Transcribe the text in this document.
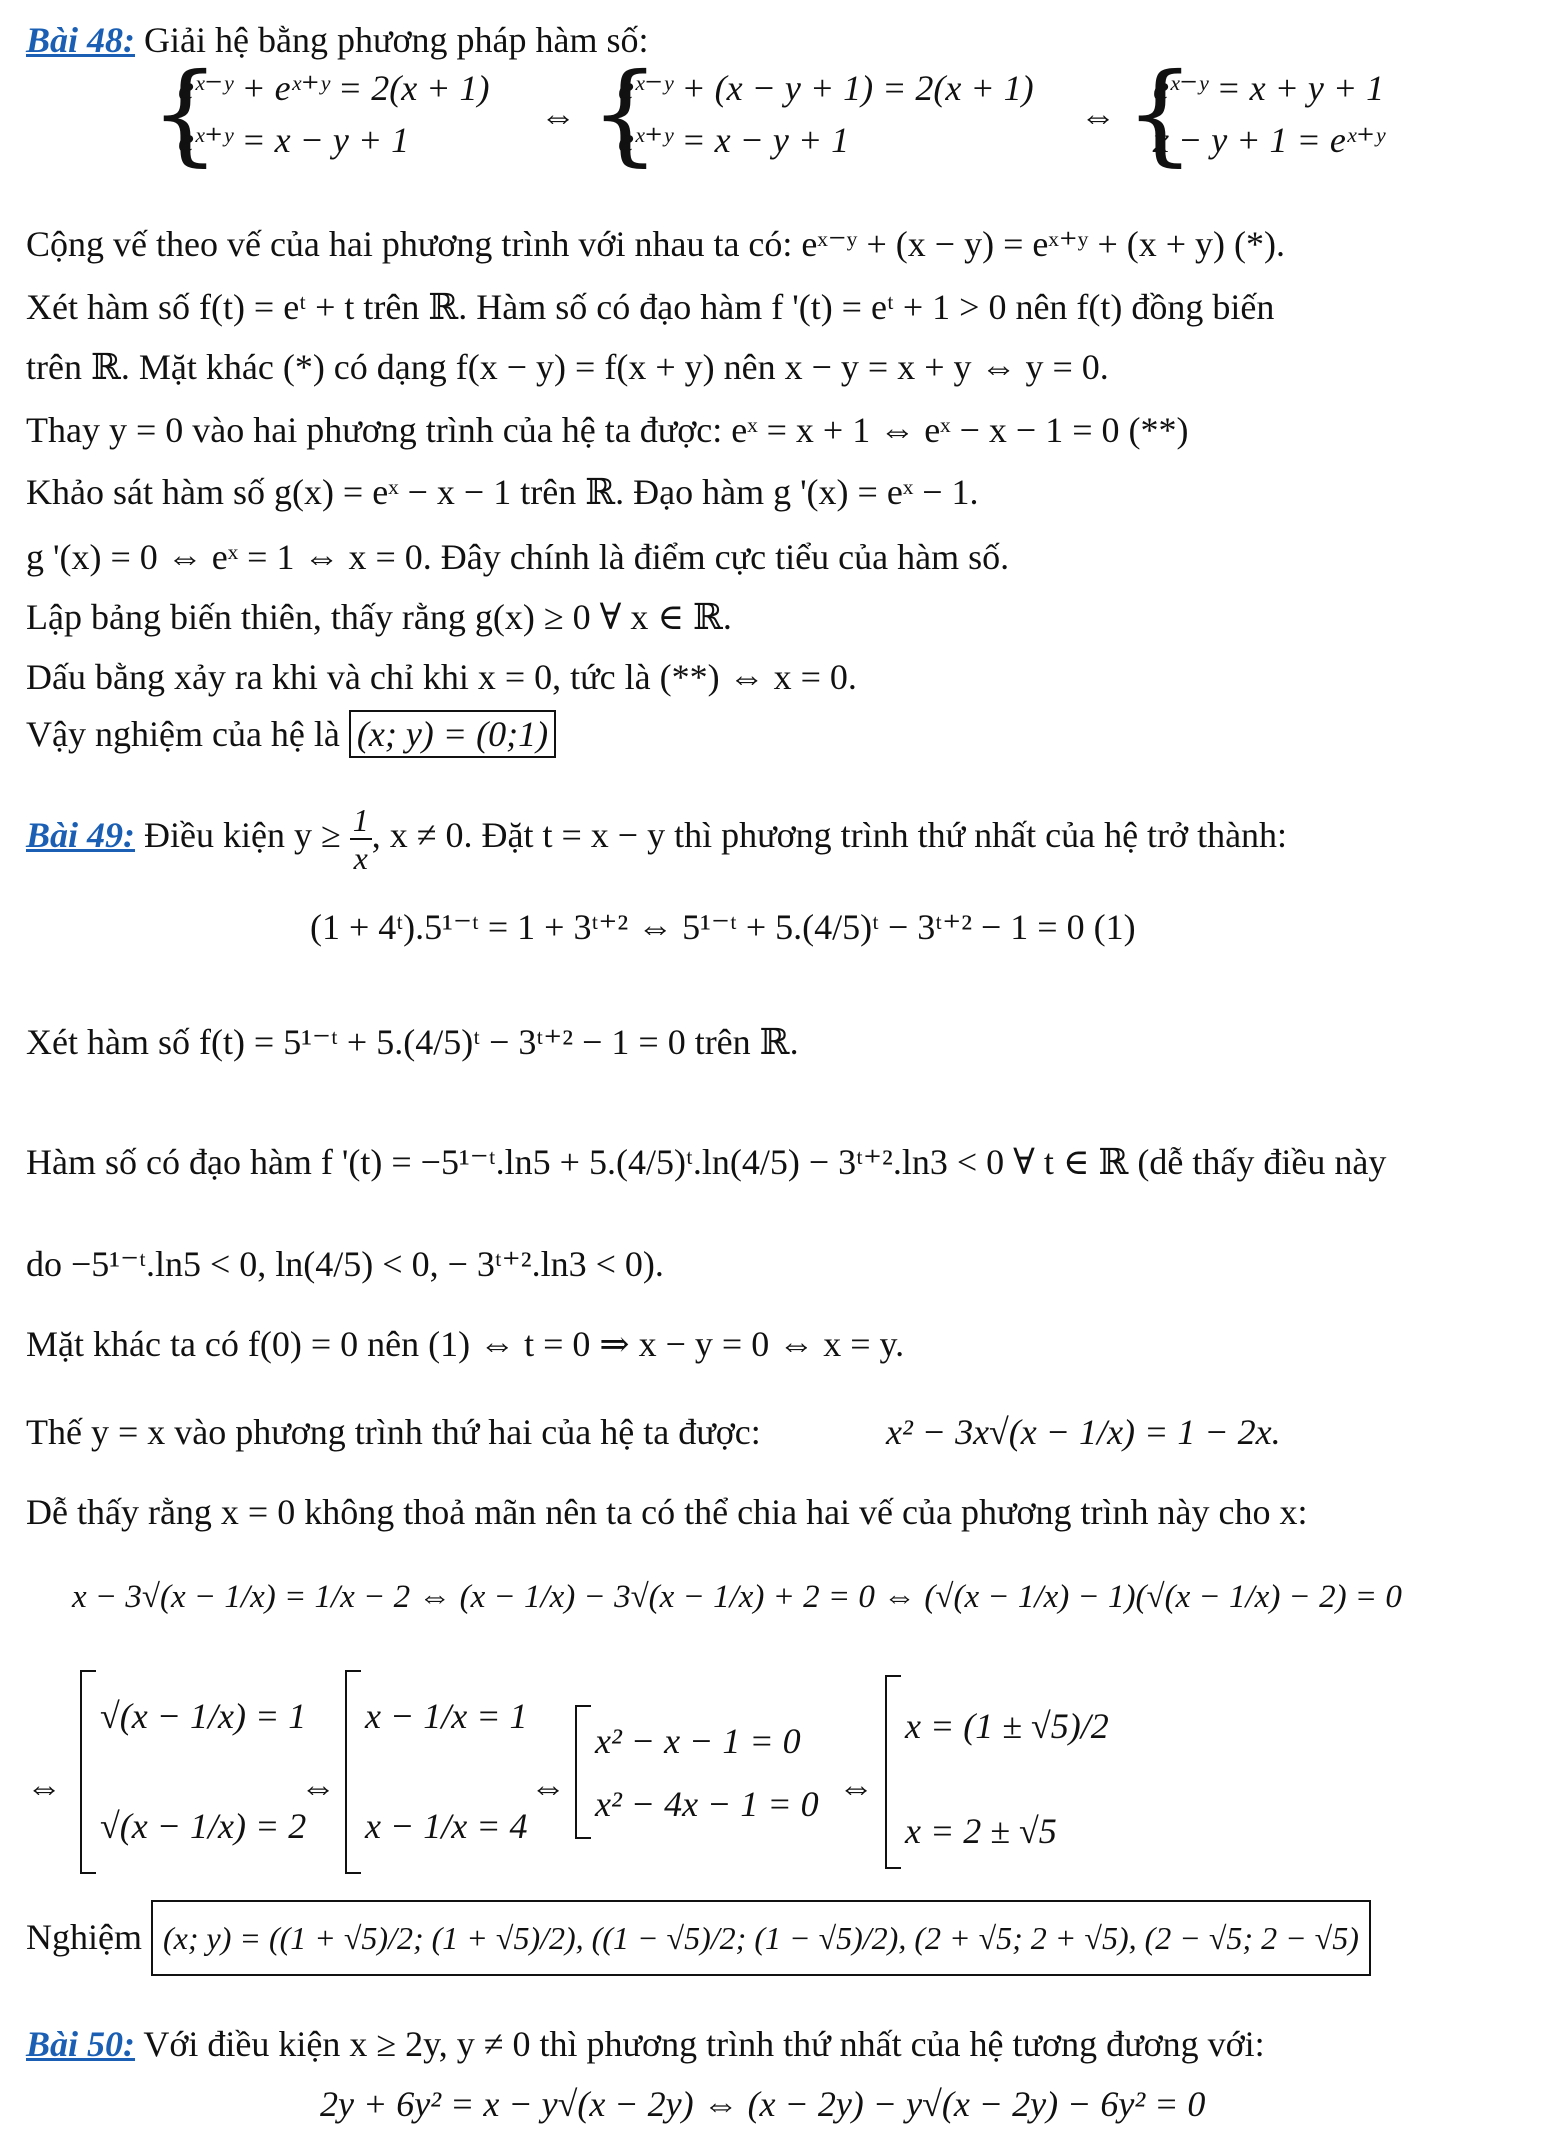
Bài 48: Giải hệ bằng phương pháp hàm số:
{
eˣ⁻ʸ + eˣ⁺ʸ = 2(x + 1)
eˣ⁺ʸ = x − y + 1
⇔ {
eˣ⁻ʸ + (x − y + 1) = 2(x + 1)
eˣ⁺ʸ = x − y + 1
⇔ {
eˣ⁻ʸ = x + y + 1
x − y + 1 = eˣ⁺ʸ
Cộng vế theo vế của hai phương trình với nhau ta có: eˣ⁻ʸ + (x − y) = eˣ⁺ʸ + (x + y) (*).
Xét hàm số f(t) = eᵗ + t trên ℝ. Hàm số có đạo hàm f '(t) = eᵗ + 1 > 0 nên f(t) đồng biến
trên ℝ. Mặt khác (*) có dạng f(x − y) = f(x + y) nên x − y = x + y ⇔ y = 0.
Thay y = 0 vào hai phương trình của hệ ta được: eˣ = x + 1 ⇔ eˣ − x − 1 = 0 (**)
Khảo sát hàm số g(x) = eˣ − x − 1 trên ℝ. Đạo hàm g '(x) = eˣ − 1.
g '(x) = 0 ⇔ eˣ = 1 ⇔ x = 0. Đây chính là điểm cực tiểu của hàm số.
Lập bảng biến thiên, thấy rằng g(x) ≥ 0 ∀ x ∈ ℝ.
Dấu bằng xảy ra khi và chỉ khi x = 0, tức là (**) ⇔ x = 0.
Vậy nghiệm của hệ là (x; y) = (0;1)
Bài 49: Điều kiện $y \ge \frac{1}{x}$ , x ≠ 0. Đặt t = x − y thì phương trình thứ nhất của hệ trở thành:
(1 + 4ᵗ).5¹⁻ᵗ = 1 + 3ᵗ⁺² ⇔ 5¹⁻ᵗ + 5.(4/5)ᵗ − 3ᵗ⁺² − 1 = 0 (1)
Xét hàm số f(t) = 5¹⁻ᵗ + 5.(4/5)ᵗ − 3ᵗ⁺² − 1 = 0 trên ℝ.
Hàm số có đạo hàm f '(t) = −5¹⁻ᵗ.ln5 + 5.(4/5)ᵗ.ln(4/5) − 3ᵗ⁺².ln3 < 0 ∀ t ∈ ℝ (dễ thấy điều này
do −5¹⁻ᵗ.ln5 < 0, ln(4/5) < 0, − 3ᵗ⁺².ln3 < 0).
Mặt khác ta có f(0) = 0 nên (1) ⇔ t = 0 ⇒ x − y = 0 ⇔ x = y.
Thế y = x vào phương trình thứ hai của hệ ta được:	x² − 3x√(x − 1/x) = 1 − 2x.
Dễ thấy rằng x = 0 không thoả mãn nên ta có thể chia hai vế của phương trình này cho x:
x − 3√(x − 1/x) = 1/x − 2 ⇔ (x − 1/x) − 3√(x − 1/x) + 2 = 0 ⇔ (√(x − 1/x) − 1)(√(x − 1/x) − 2) = 0
⇔
√(x − 1/x) = 1
√(x − 1/x) = 2
⇔
x − 1/x = 1
x − 1/x = 4
⇔
x² − x − 1 = 0
x² − 4x − 1 = 0 ⇔
x = (1 ± √5)/2
x = 2 ± √5
Nghiệm (x; y) = ((1 + √5)/2; (1 + √5)/2), ((1 − √5)/2; (1 − √5)/2), (2 + √5; 2 + √5), (2 − √5; 2 − √5)
Bài 50: Với điều kiện x ≥ 2y, y ≠ 0 thì phương trình thứ nhất của hệ tương đương với:
2y + 6y² = x − y√(x − 2y) ⇔ (x − 2y) − y√(x − 2y) − 6y² = 0
